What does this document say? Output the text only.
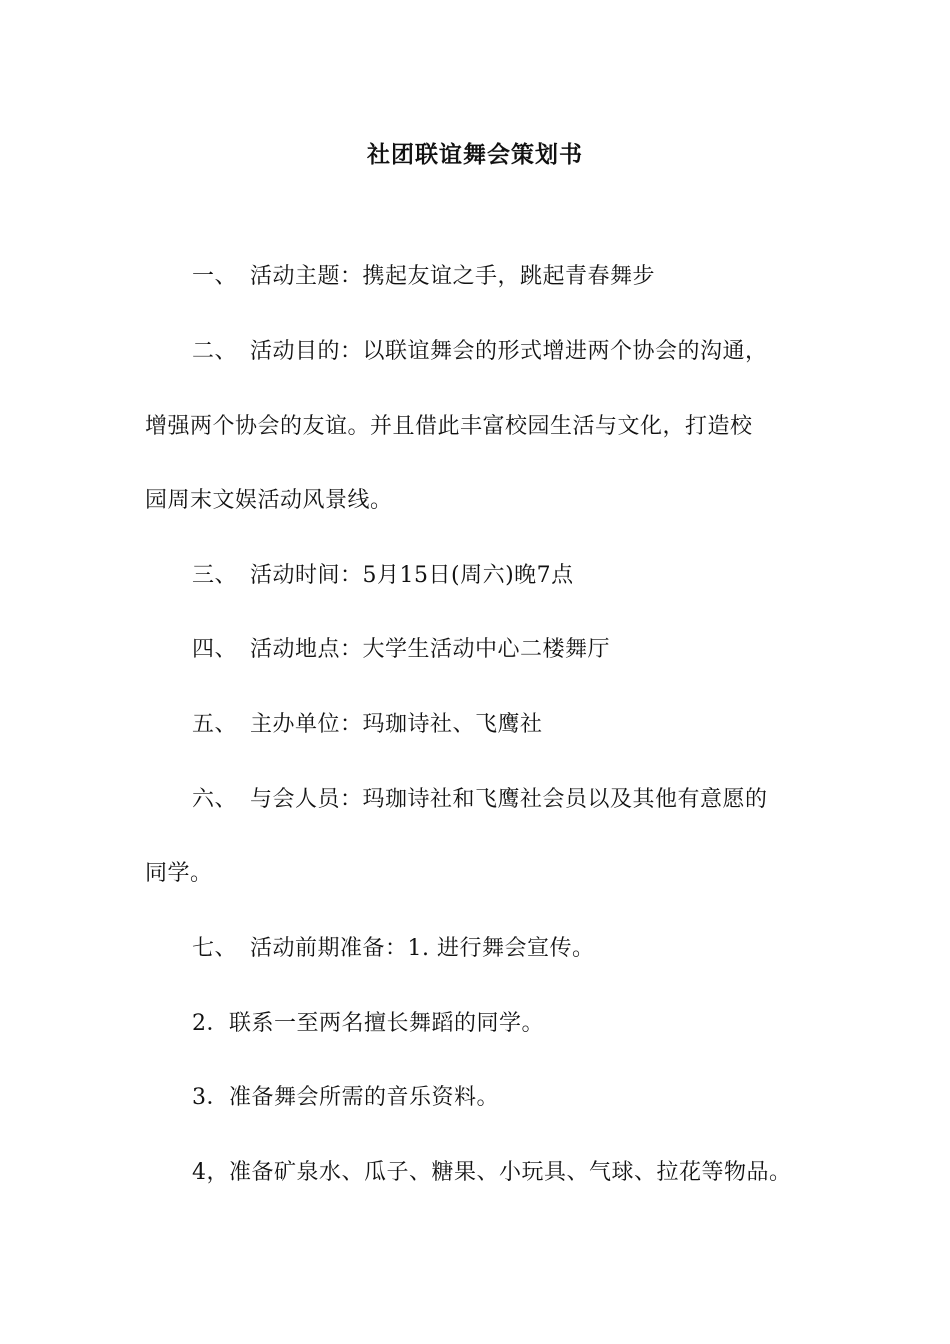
社团联谊舞会策划书
一、 活动主题：携起友谊之手，跳起青春舞步
二、 活动目的：以联谊舞会的形式增进两个协会的沟通，
增强两个协会的友谊。并且借此丰富校园生活与文化，打造校
园周末文娱活动风景线。
三、 活动时间：5月15日(周六)晚7点
四、 活动地点：大学生活动中心二楼舞厅
五、 主办单位：玛珈诗社、飞鹰社
六、 与会人员：玛珈诗社和飞鹰社会员以及其他有意愿的
同学。
七、 活动前期准备：1. 进行舞会宣传。
2．联系一至两名擅长舞蹈的同学。
3．准备舞会所需的音乐资料。
4，准备矿泉水、瓜子、糖果、小玩具、气球、拉花等物品。
